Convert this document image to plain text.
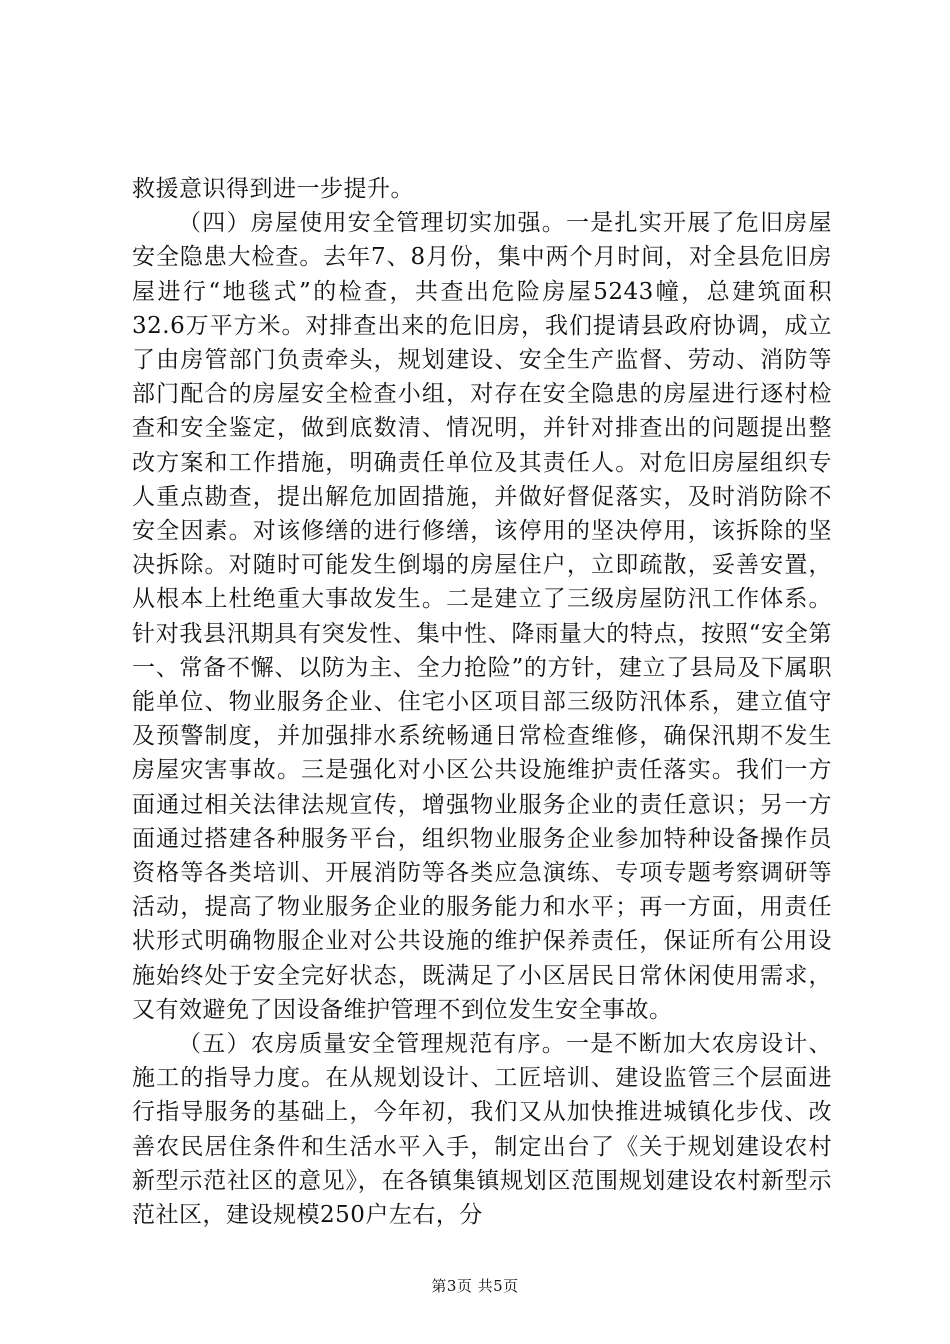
救援意识得到进一步提升。

（四）房屋使用安全管理切实加强。一是扎实开展了危旧房屋安全隐患大检查。去年7、8月份，集中两个月时间，对全县危旧房屋进行“地毯式”的检查，共查出危险房屋5243幢，总建筑面积32.6万平方米。对排查出来的危旧房，我们提请县政府协调，成立了由房管部门负责牵头，规划建设、安全生产监督、劳动、消防等部门配合的房屋安全检查小组，对存在安全隐患的房屋进行逐村检查和安全鉴定，做到底数清、情况明，并针对排查出的问题提出整改方案和工作措施，明确责任单位及其责任人。对危旧房屋组织专人重点勘查，提出解危加固措施，并做好督促落实，及时消防除不安全因素。对该修缮的进行修缮，该停用的坚决停用，该拆除的坚决拆除。对随时可能发生倒塌的房屋住户，立即疏散，妥善安置，从根本上杜绝重大事故发生。二是建立了三级房屋防汛工作体系。针对我县汛期具有突发性、集中性、降雨量大的特点，按照“安全第一、常备不懈、以防为主、全力抢险”的方针，建立了县局及下属职能单位、物业服务企业、住宅小区项目部三级防汛体系，建立值守及预警制度，并加强排水系统畅通日常检查维修，确保汛期不发生房屋灾害事故。三是强化对小区公共设施维护责任落实。我们一方面通过相关法律法规宣传，增强物业服务企业的责任意识；另一方面通过搭建各种服务平台，组织物业服务企业参加特种设备操作员资格等各类培训、开展消防等各类应急演练、专项专题考察调研等活动，提高了物业服务企业的服务能力和水平；再一方面，用责任状形式明确物服企业对公共设施的维护保养责任，保证所有公用设施始终处于安全完好状态，既满足了小区居民日常休闲使用需求，又有效避免了因设备维护管理不到位发生安全事故。

（五）农房质量安全管理规范有序。一是不断加大农房设计、施工的指导力度。在从规划设计、工匠培训、建设监管三个层面进行指导服务的基础上，今年初，我们又从加快推进城镇化步伐、改善农民居住条件和生活水平入手，制定出台了《关于规划建设农村新型示范社区的意见》，在各镇集镇规划区范围规划建设农村新型示范社区，建设规模250户左右，分

第3页 共5页
